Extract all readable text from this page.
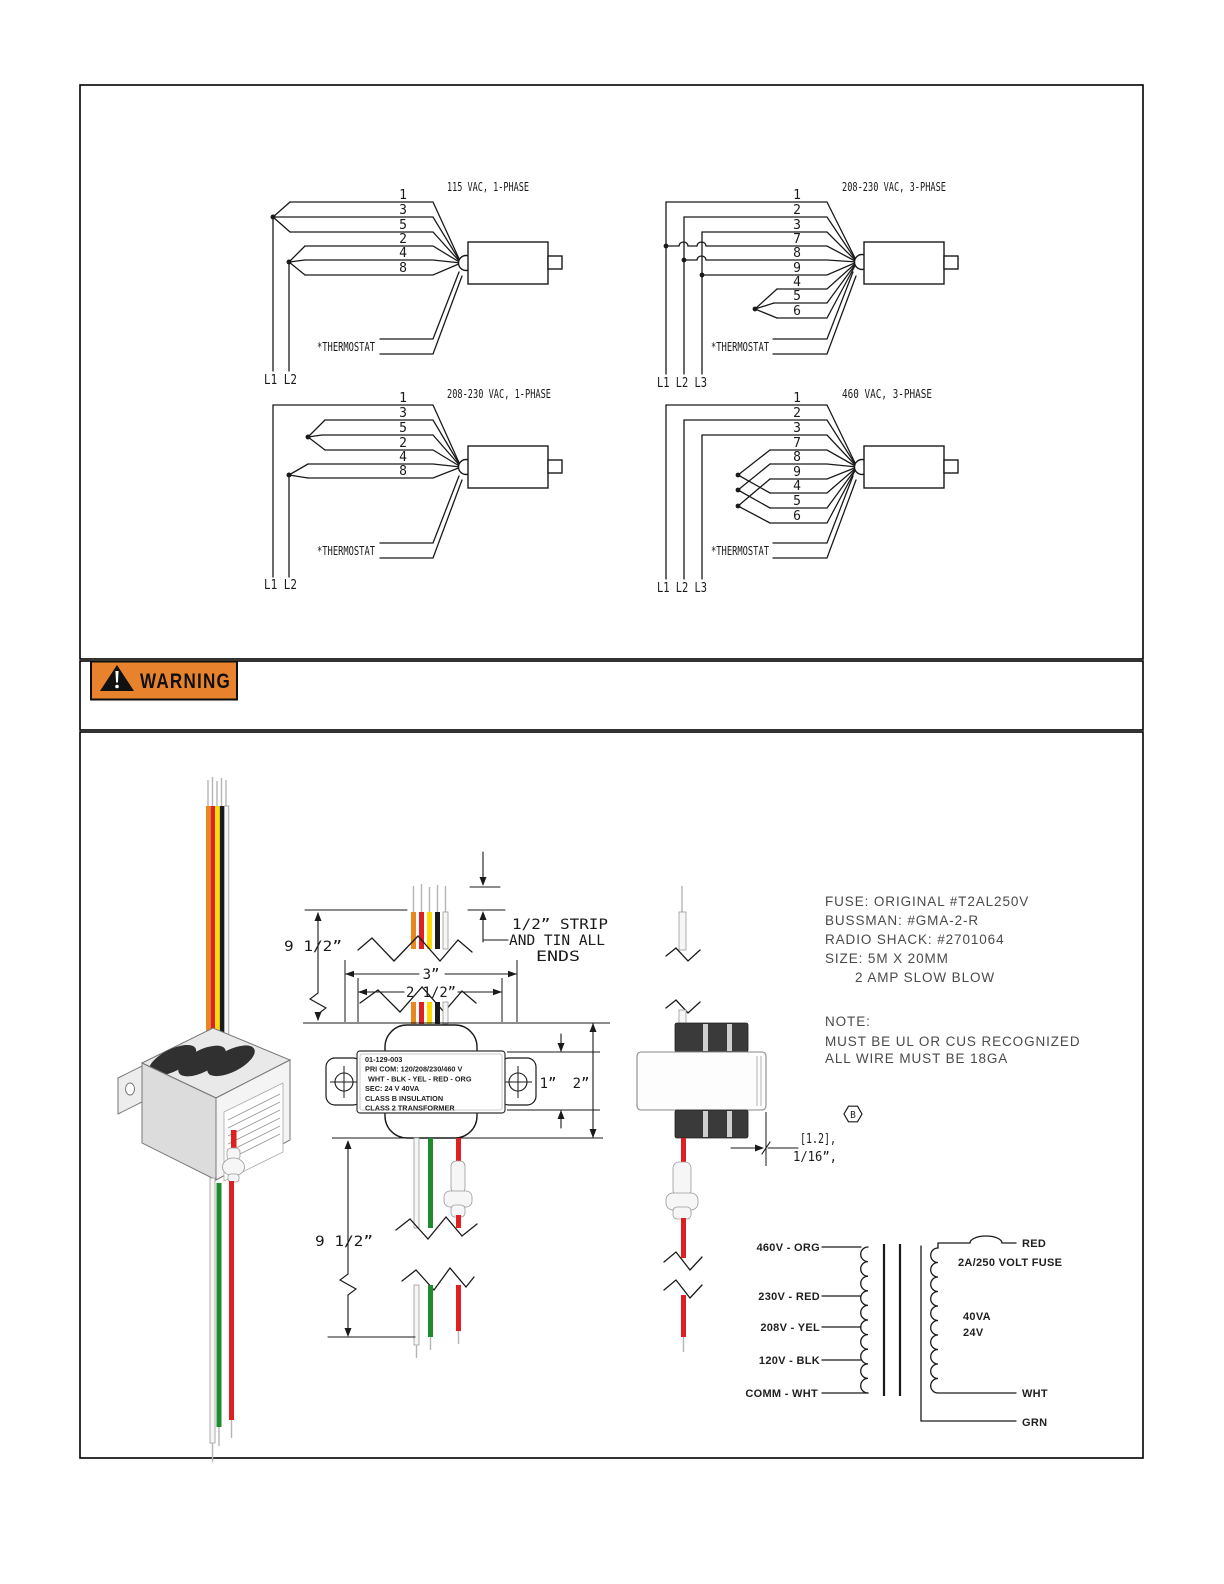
115 VAC, 1-PHASE
1
3
5
2
4
8
*THERMOSTAT
L1 L2
208-230 VAC, 3-PHASE
1
2
3
7
8
9
4
5
6
*THERMOSTAT
L1 L2 L3
208-230 VAC, 1-PHASE
1
3
5
2
4
8
*THERMOSTAT
L1 L2
460 VAC, 3-PHASE
1
2
3
7
8
9
4
5
6
*THERMOSTAT
L1 L2 L3
WARNING
1/2” STRIP
AND TIN ALL
ENDS
9 1/2”
3”
2 1/2”
01-129-003
PRI COM: 120/208/230/460 V
WHT - BLK - YEL - RED - ORG
SEC: 24 V 40VA
CLASS B INSULATION
CLASS 2 TRANSFORMER
1” 2”
9 1/2”
[1.2],
1/16”,
B
FUSE: ORIGINAL #T2AL250V
BUSSMAN: #GMA-2-R
RADIO SHACK: #2701064
SIZE: 5M X 20MM
2 AMP SLOW BLOW
NOTE:
MUST BE UL OR CUS RECOGNIZED
ALL WIRE MUST BE 18GA
460V - ORG
230V - RED
208V - YEL
120V - BLK
COMM - WHT
RED
2A/250 VOLT FUSE
40VA
24V
WHT
GRN
